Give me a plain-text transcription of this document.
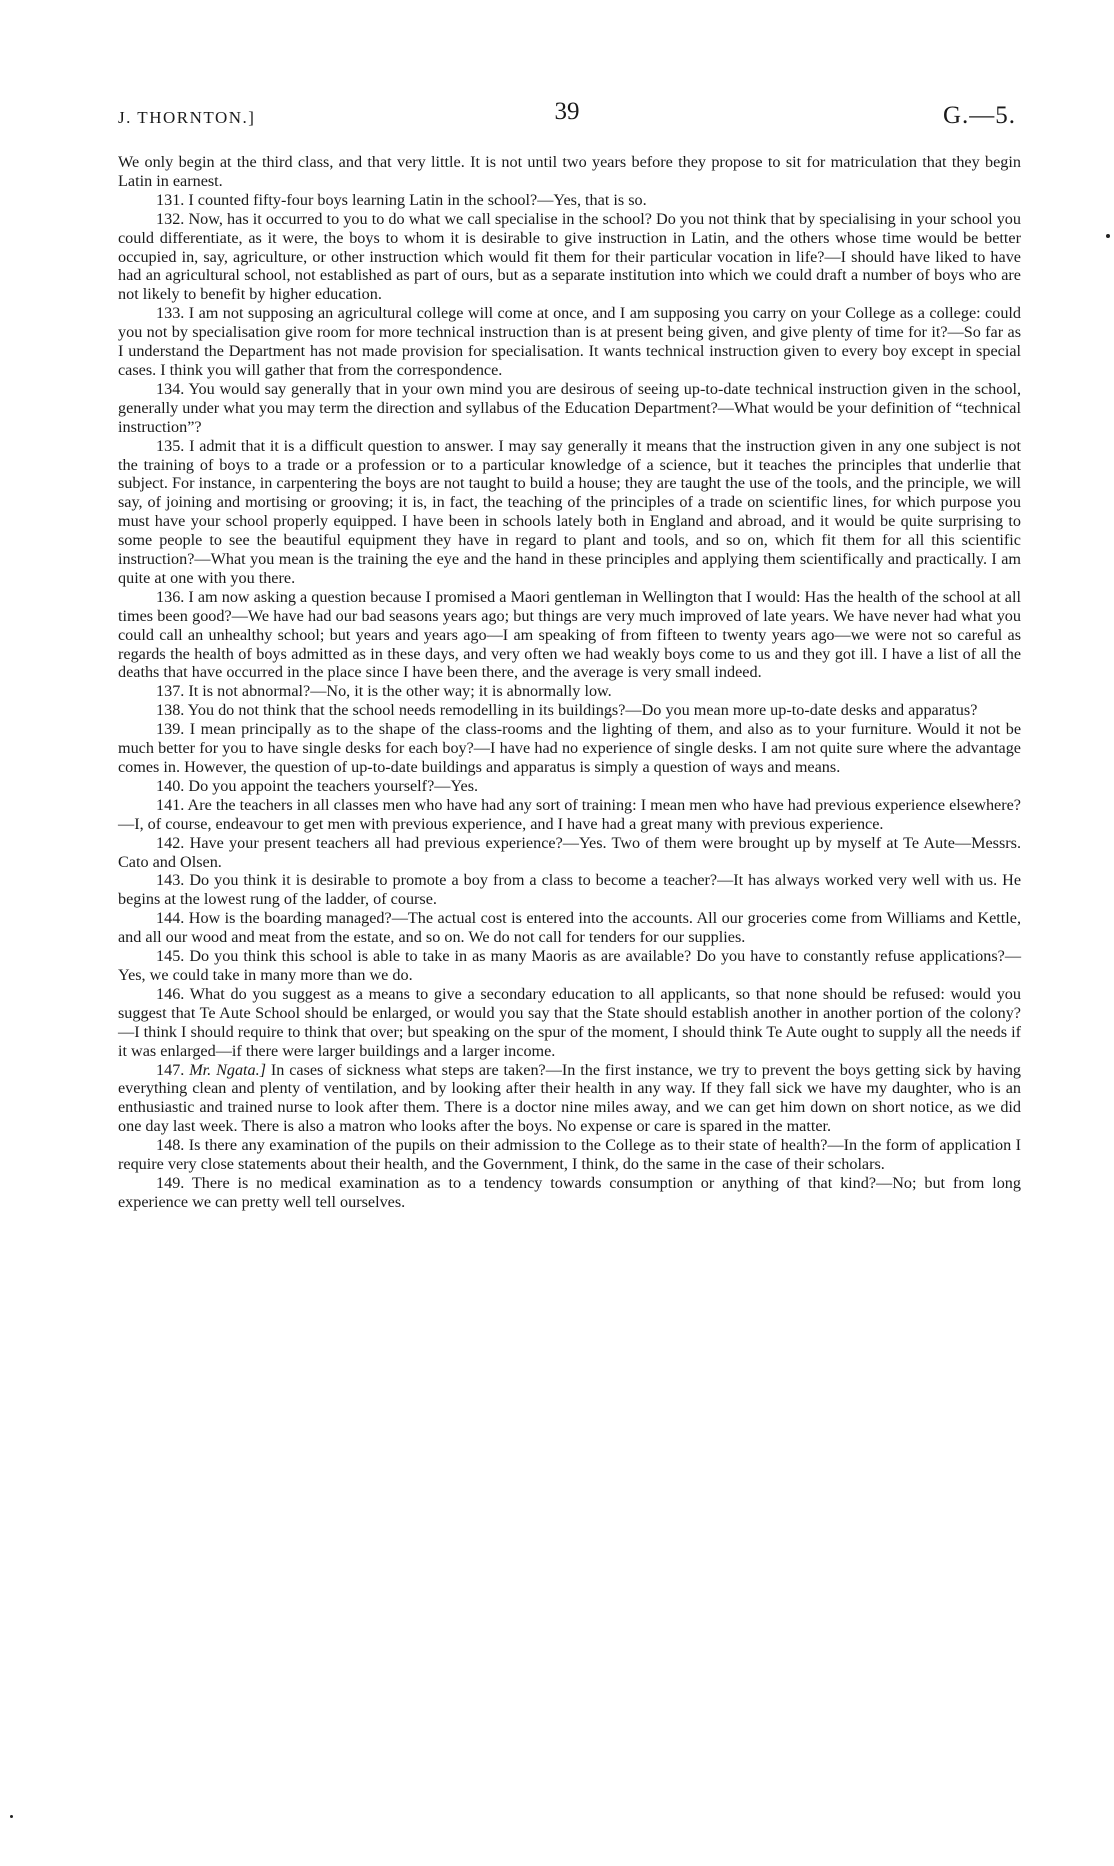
J. THORNTON.]	39	G.—5.

We only begin at the third class, and that very little. It is not until two years before they propose to sit for matriculation that they begin Latin in earnest.

131. I counted fifty-four boys learning Latin in the school?—Yes, that is so.

132. Now, has it occurred to you to do what we call specialise in the school? Do you not think that by specialising in your school you could differentiate, as it were, the boys to whom it is desirable to give instruction in Latin, and the others whose time would be better occupied in, say, agriculture, or other instruction which would fit them for their particular vocation in life?—I should have liked to have had an agricultural school, not established as part of ours, but as a separate institution into which we could draft a number of boys who are not likely to benefit by higher education.

133. I am not supposing an agricultural college will come at once, and I am supposing you carry on your College as a college: could you not by specialisation give room for more technical instruction than is at present being given, and give plenty of time for it?—So far as I understand the Department has not made provision for specialisation. It wants technical instruction given to every boy except in special cases. I think you will gather that from the correspondence.

134. You would say generally that in your own mind you are desirous of seeing up-to-date technical instruction given in the school, generally under what you may term the direction and syllabus of the Education Department?—What would be your definition of “technical instruction”?

135. I admit that it is a difficult question to answer. I may say generally it means that the instruction given in any one subject is not the training of boys to a trade or a profession or to a particular knowledge of a science, but it teaches the principles that underlie that subject. For instance, in carpentering the boys are not taught to build a house; they are taught the use of the tools, and the principle, we will say, of joining and mortising or grooving; it is, in fact, the teaching of the principles of a trade on scientific lines, for which purpose you must have your school properly equipped. I have been in schools lately both in England and abroad, and it would be quite surprising to some people to see the beautiful equipment they have in regard to plant and tools, and so on, which fit them for all this scientific instruction?—What you mean is the training the eye and the hand in these principles and applying them scientifically and practically. I am quite at one with you there.

136. I am now asking a question because I promised a Maori gentleman in Wellington that I would: Has the health of the school at all times been good?—We have had our bad seasons years ago; but things are very much improved of late years. We have never had what you could call an unhealthy school; but years and years ago—I am speaking of from fifteen to twenty years ago—we were not so careful as regards the health of boys admitted as in these days, and very often we had weakly boys come to us and they got ill. I have a list of all the deaths that have occurred in the place since I have been there, and the average is very small indeed.

137. It is not abnormal?—No, it is the other way; it is abnormally low.

138. You do not think that the school needs remodelling in its buildings?—Do you mean more up-to-date desks and apparatus?

139. I mean principally as to the shape of the class-rooms and the lighting of them, and also as to your furniture. Would it not be much better for you to have single desks for each boy?—I have had no experience of single desks. I am not quite sure where the advantage comes in. However, the question of up-to-date buildings and apparatus is simply a question of ways and means.

140. Do you appoint the teachers yourself?—Yes.

141. Are the teachers in all classes men who have had any sort of training: I mean men who have had previous experience elsewhere?—I, of course, endeavour to get men with previous experience, and I have had a great many with previous experience.

142. Have your present teachers all had previous experience?—Yes. Two of them were brought up by myself at Te Aute—Messrs. Cato and Olsen.

143. Do you think it is desirable to promote a boy from a class to become a teacher?—It has always worked very well with us. He begins at the lowest rung of the ladder, of course.

144. How is the boarding managed?—The actual cost is entered into the accounts. All our groceries come from Williams and Kettle, and all our wood and meat from the estate, and so on. We do not call for tenders for our supplies.

145. Do you think this school is able to take in as many Maoris as are available? Do you have to constantly refuse applications?—Yes, we could take in many more than we do.

146. What do you suggest as a means to give a secondary education to all applicants, so that none should be refused: would you suggest that Te Aute School should be enlarged, or would you say that the State should establish another in another portion of the colony?—I think I should require to think that over; but speaking on the spur of the moment, I should think Te Aute ought to supply all the needs if it was enlarged—if there were larger buildings and a larger income.

147. Mr. Ngata.] In cases of sickness what steps are taken?—In the first instance, we try to prevent the boys getting sick by having everything clean and plenty of ventilation, and by looking after their health in any way. If they fall sick we have my daughter, who is an enthusiastic and trained nurse to look after them. There is a doctor nine miles away, and we can get him down on short notice, as we did one day last week. There is also a matron who looks after the boys. No expense or care is spared in the matter.

148. Is there any examination of the pupils on their admission to the College as to their state of health?—In the form of application I require very close statements about their health, and the Government, I think, do the same in the case of their scholars.

149. There is no medical examination as to a tendency towards consumption or anything of that kind?—No; but from long experience we can pretty well tell ourselves.
